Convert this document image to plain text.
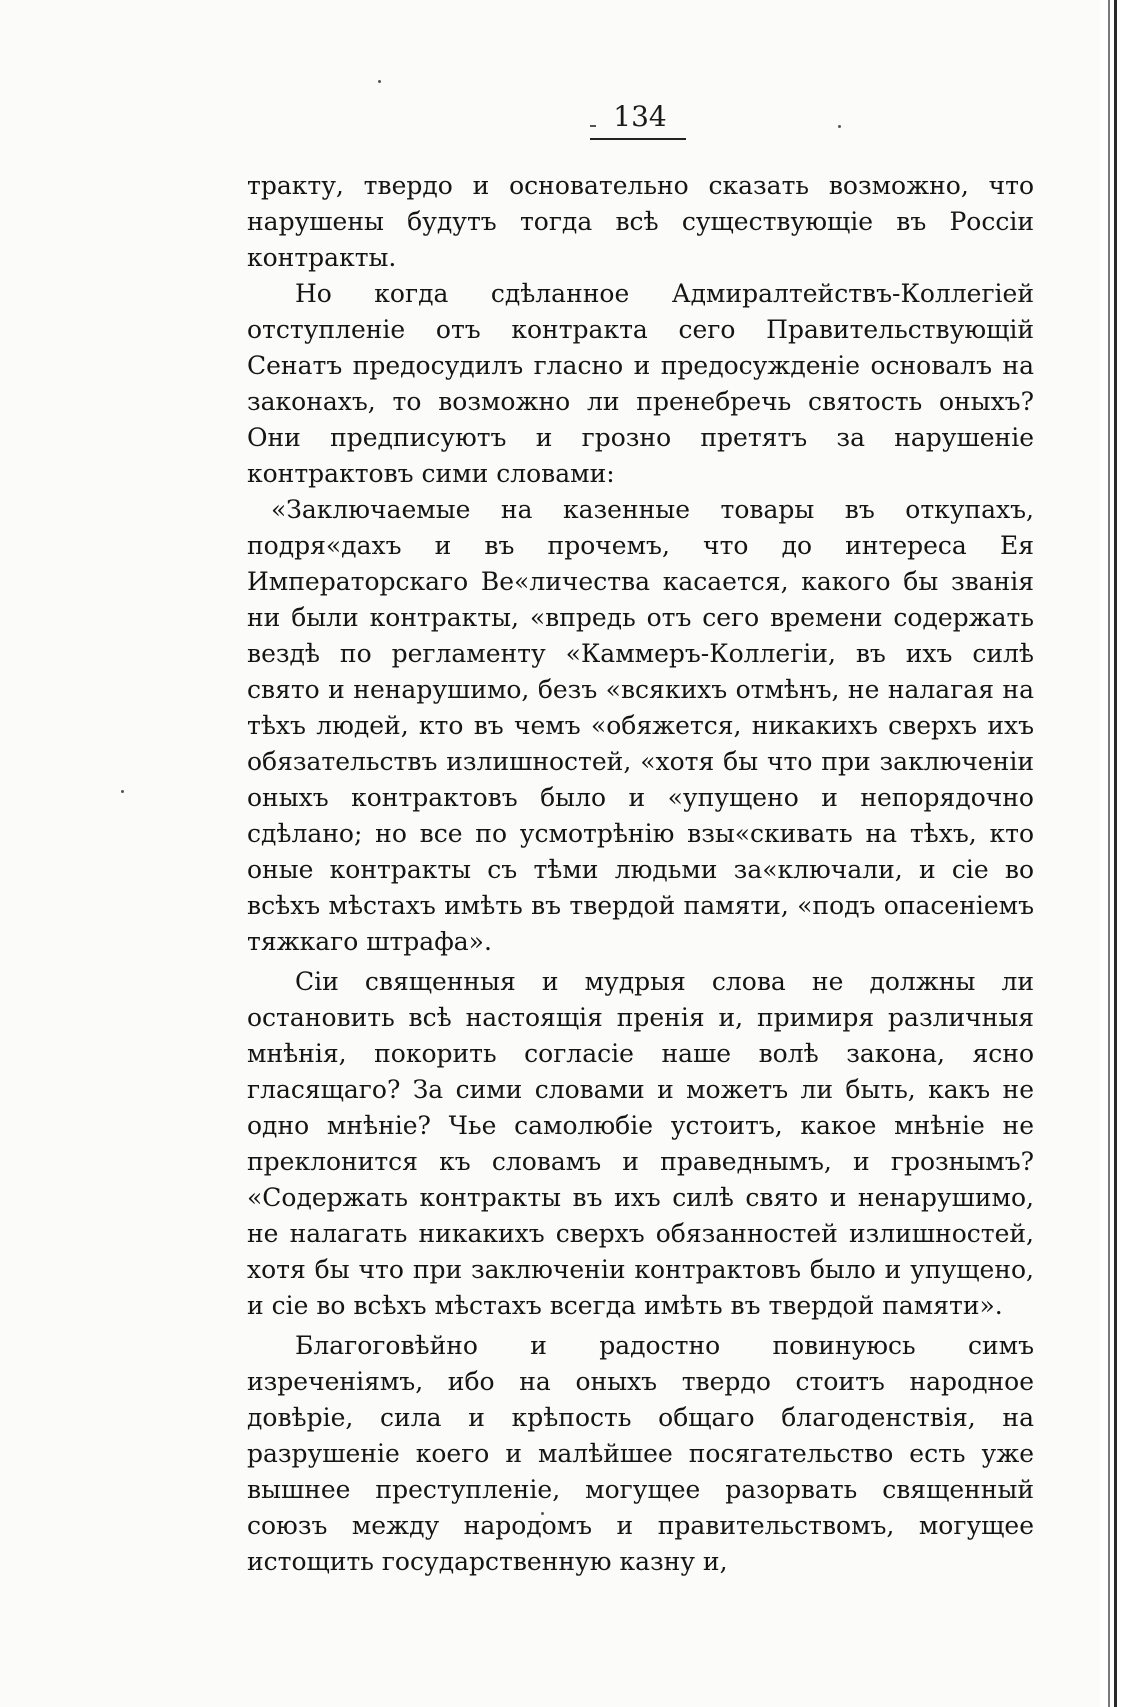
134

тракту, твердо и основательно сказать возможно, что нарушены будутъ тогда всѣ существующіе въ Россіи контракты.

Но когда сдѣланное Адмиралтействъ-Коллегіей отступленіе отъ контракта сего Правительствующій Сенатъ предосудилъ гласно и предосужденіе основалъ на законахъ, то возможно ли пренебречь святость оныхъ? Они предписуютъ и грозно претятъ за нарушеніе контрактовъ сими словами:

«Заключаемые на казенные товары въ откупахъ, подря«дахъ и въ прочемъ, что до интереса Ея Императорскаго Ве«личества касается, какого бы званія ни были контракты, «впредь отъ сего времени содержать вездѣ по регламенту «Каммеръ-Коллегіи, въ ихъ силѣ свято и ненарушимо, безъ «всякихъ отмѣнъ, не налагая на тѣхъ людей, кто въ чемъ «обяжется, никакихъ сверхъ ихъ обязательствъ излишностей, «хотя бы что при заключеніи оныхъ контрактовъ было и «упущено и непорядочно сдѣлано; но все по усмотрѣнію взы«скивать на тѣхъ, кто оные контракты съ тѣми людьми за«ключали, и сіе во всѣхъ мѣстахъ имѣть въ твердой памяти, «подъ опасеніемъ тяжкаго штрафа».

Сіи священныя и мудрыя слова не должны ли остановить всѣ настоящія пренія и, примиря различныя мнѣнія, покорить согласіе наше волѣ закона, ясно гласящаго? За сими словами и можетъ ли быть, какъ не одно мнѣніе? Чье самолюбіе устоитъ, какое мнѣніе не преклонится къ словамъ и праведнымъ, и грознымъ? «Содержать контракты въ ихъ силѣ свято и ненарушимо, не налагать никакихъ сверхъ обязанностей излишностей, хотя бы что при заключеніи контрактовъ было и упущено, и сіе во всѣхъ мѣстахъ всегда имѣть въ твердой памяти».

Благоговѣйно и радостно повинуюсь симъ изреченіямъ, ибо на оныхъ твердо стоитъ народное довѣріе, сила и крѣпость общаго благоденствія, на разрушеніе коего и малѣйшее посягательство есть уже вышнее преступленіе, могущее разорвать священный союзъ между народомъ и правительствомъ, могущее истощить государственную казну и,
